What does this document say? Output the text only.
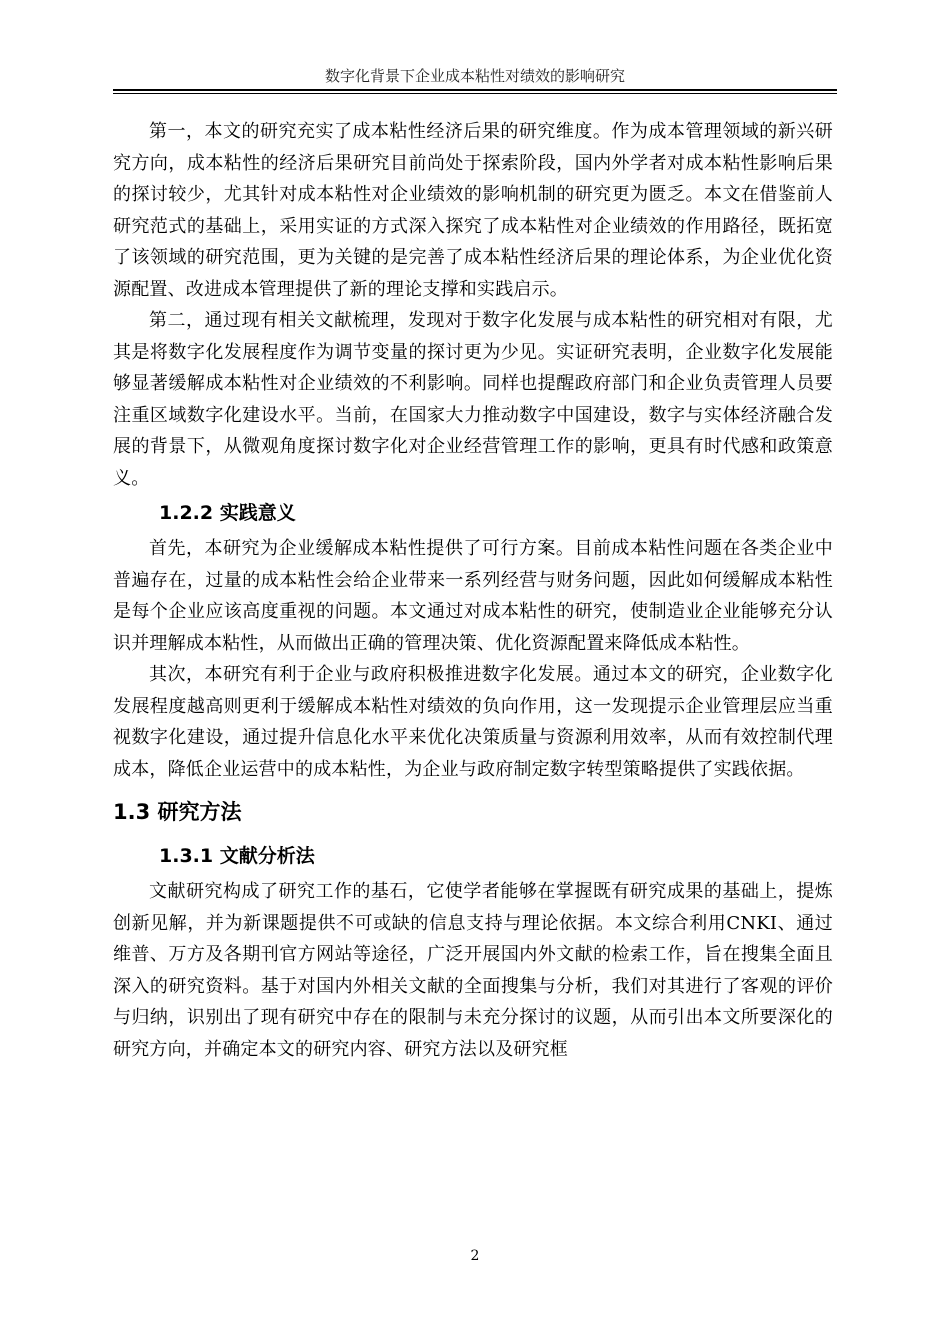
数字化背景下企业成本粘性对绩效的影响研究

第一，本文的研究充实了成本粘性经济后果的研究维度。作为成本管理领域的新兴研究方向，成本粘性的经济后果研究目前尚处于探索阶段，国内外学者对成本粘性影响后果的探讨较少，尤其针对成本粘性对企业绩效的影响机制的研究更为匮乏。本文在借鉴前人研究范式的基础上，采用实证的方式深入探究了成本粘性对企业绩效的作用路径，既拓宽了该领域的研究范围，更为关键的是完善了成本粘性经济后果的理论体系，为企业优化资源配置、改进成本管理提供了新的理论支撑和实践启示。

第二，通过现有相关文献梳理，发现对于数字化发展与成本粘性的研究相对有限，尤其是将数字化发展程度作为调节变量的探讨更为少见。实证研究表明，企业数字化发展能够显著缓解成本粘性对企业绩效的不利影响。同样也提醒政府部门和企业负责管理人员要注重区域数字化建设水平。当前，在国家大力推动数字中国建设，数字与实体经济融合发展的背景下，从微观角度探讨数字化对企业经营管理工作的影响，更具有时代感和政策意义。

1.2.2 实践意义

首先，本研究为企业缓解成本粘性提供了可行方案。目前成本粘性问题在各类企业中普遍存在，过量的成本粘性会给企业带来一系列经营与财务问题，因此如何缓解成本粘性是每个企业应该高度重视的问题。本文通过对成本粘性的研究，使制造业企业能够充分认识并理解成本粘性，从而做出正确的管理决策、优化资源配置来降低成本粘性。

其次，本研究有利于企业与政府积极推进数字化发展。通过本文的研究，企业数字化发展程度越高则更利于缓解成本粘性对绩效的负向作用，这一发现提示企业管理层应当重视数字化建设，通过提升信息化水平来优化决策质量与资源利用效率，从而有效控制代理成本，降低企业运营中的成本粘性，为企业与政府制定数字转型策略提供了实践依据。

1.3 研究方法
1.3.1 文献分析法

文献研究构成了研究工作的基石，它使学者能够在掌握既有研究成果的基础上，提炼创新见解，并为新课题提供不可或缺的信息支持与理论依据。本文综合利用CNKI、通过维普、万方及各期刊官方网站等途径，广泛开展国内外文献的检索工作，旨在搜集全面且深入的研究资料。基于对国内外相关文献的全面搜集与分析，我们对其进行了客观的评价与归纳，识别出了现有研究中存在的限制与未充分探讨的议题，从而引出本文所要深化的研究方向，并确定本文的研究内容、研究方法以及研究框

2
